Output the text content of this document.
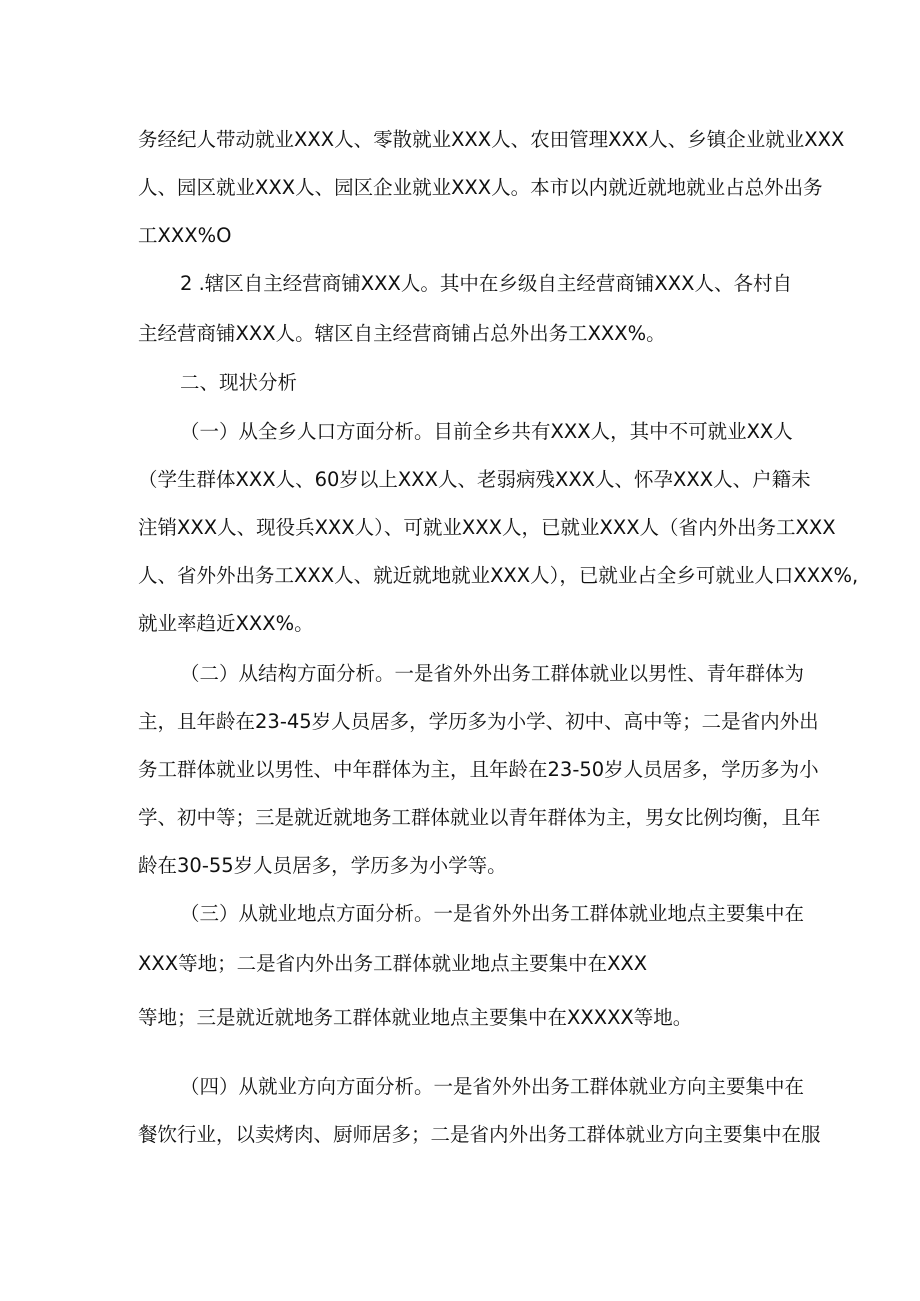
务经纪人带动就业XXX人、零散就业XXX人、农田管理XXX人、乡镇企业就业XXX
人、园区就业XXX人、园区企业就业XXX人。本市以内就近就地就业占总外出务
工XXX%O
2 .辖区自主经营商铺XXX人。其中在乡级自主经营商铺XXX人、各村自
主经营商铺XXX人。辖区自主经营商铺占总外出务工XXX%。
二、现状分析
（一）从全乡人口方面分析。目前全乡共有XXX人，其中不可就业XX人
（学生群体XXX人、60岁以上XXX人、老弱病残XXX人、怀孕XXX人、户籍未
注销XXX人、现役兵XXX人）、可就业XXX人，已就业XXX人（省内外出务工XXX
人、省外外出务工XXX人、就近就地就业XXX人），已就业占全乡可就业人口XXX%,
就业率趋近XXX%。
（二）从结构方面分析。一是省外外出务工群体就业以男性、青年群体为
主，且年龄在23-45岁人员居多，学历多为小学、初中、高中等；二是省内外出
务工群体就业以男性、中年群体为主，且年龄在23-50岁人员居多，学历多为小
学、初中等；三是就近就地务工群体就业以青年群体为主，男女比例均衡，且年
龄在30-55岁人员居多，学历多为小学等。
（三）从就业地点方面分析。一是省外外出务工群体就业地点主要集中在
XXX等地；二是省内外出务工群体就业地点主要集中在XXX
等地；三是就近就地务工群体就业地点主要集中在XXXXX等地。
（四）从就业方向方面分析。一是省外外出务工群体就业方向主要集中在
餐饮行业，以卖烤肉、厨师居多；二是省内外出务工群体就业方向主要集中在服
